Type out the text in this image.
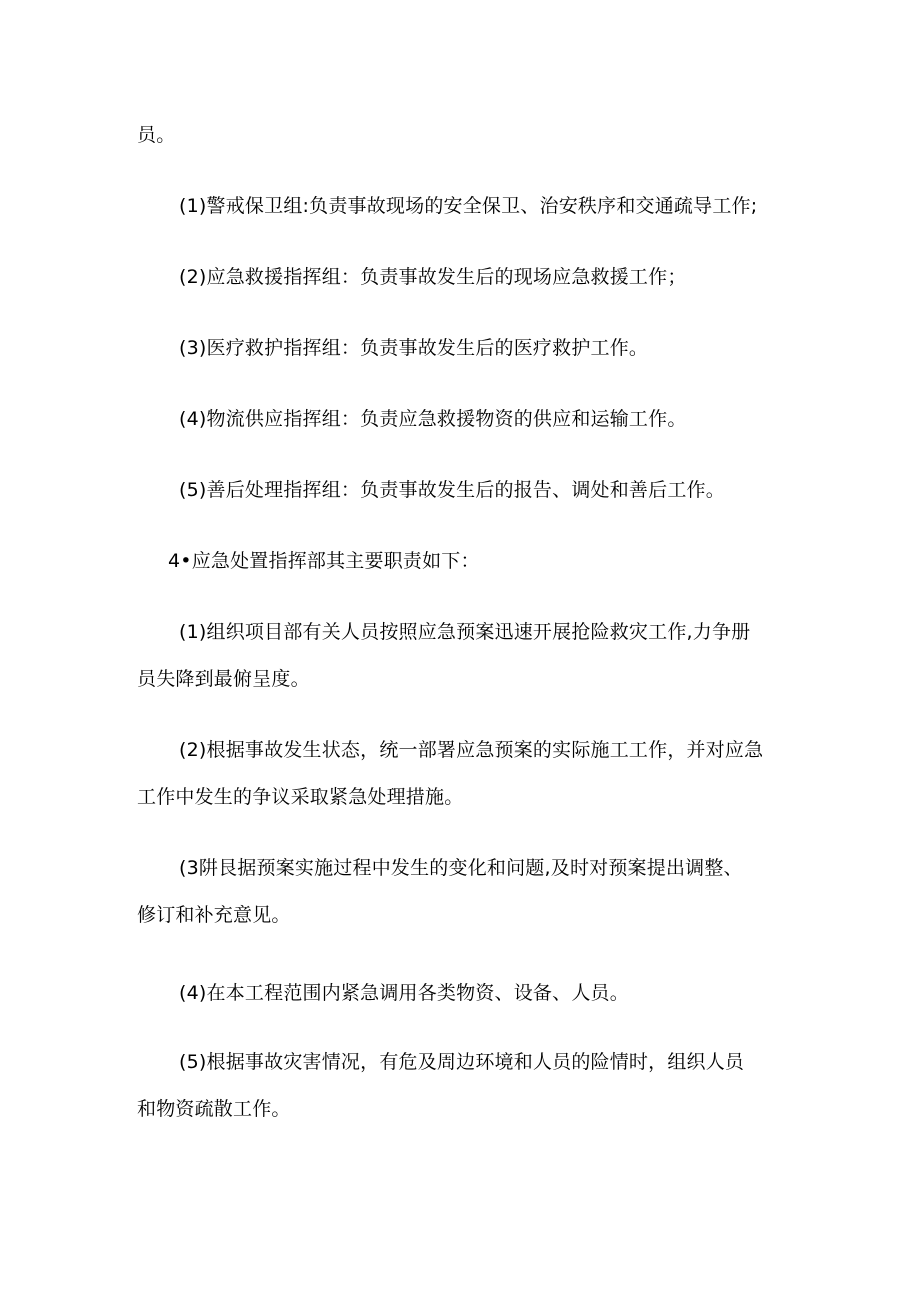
员。

(1)警戒保卫组:负责事故现场的安全保卫、治安秩序和交通疏导工作;

(2)应急救援指挥组：负责事故发生后的现场应急救援工作；

(3)医疗救护指挥组：负责事故发生后的医疗救护工作。

(4)物流供应指挥组：负责应急救援物资的供应和运输工作。

(5)善后处理指挥组：负责事故发生后的报告、调处和善后工作。

4•应急处置指挥部其主要职责如下：

(1)组织项目部有关人员按照应急预案迅速开展抢险救灾工作,力争册

员失降到最俯呈度。

(2)根据事故发生状态，统一部署应急预案的实际施工工作，并对应急

工作中发生的争议采取紧急处理措施。

(3阱艮据预案实施过程中发生的变化和问题,及时对预案提出调整、

修订和补充意见。

(4)在本工程范围内紧急调用各类物资、设备、人员。

(5)根据事故灾害情况，有危及周边环境和人员的险情时，组织人员

和物资疏散工作。
